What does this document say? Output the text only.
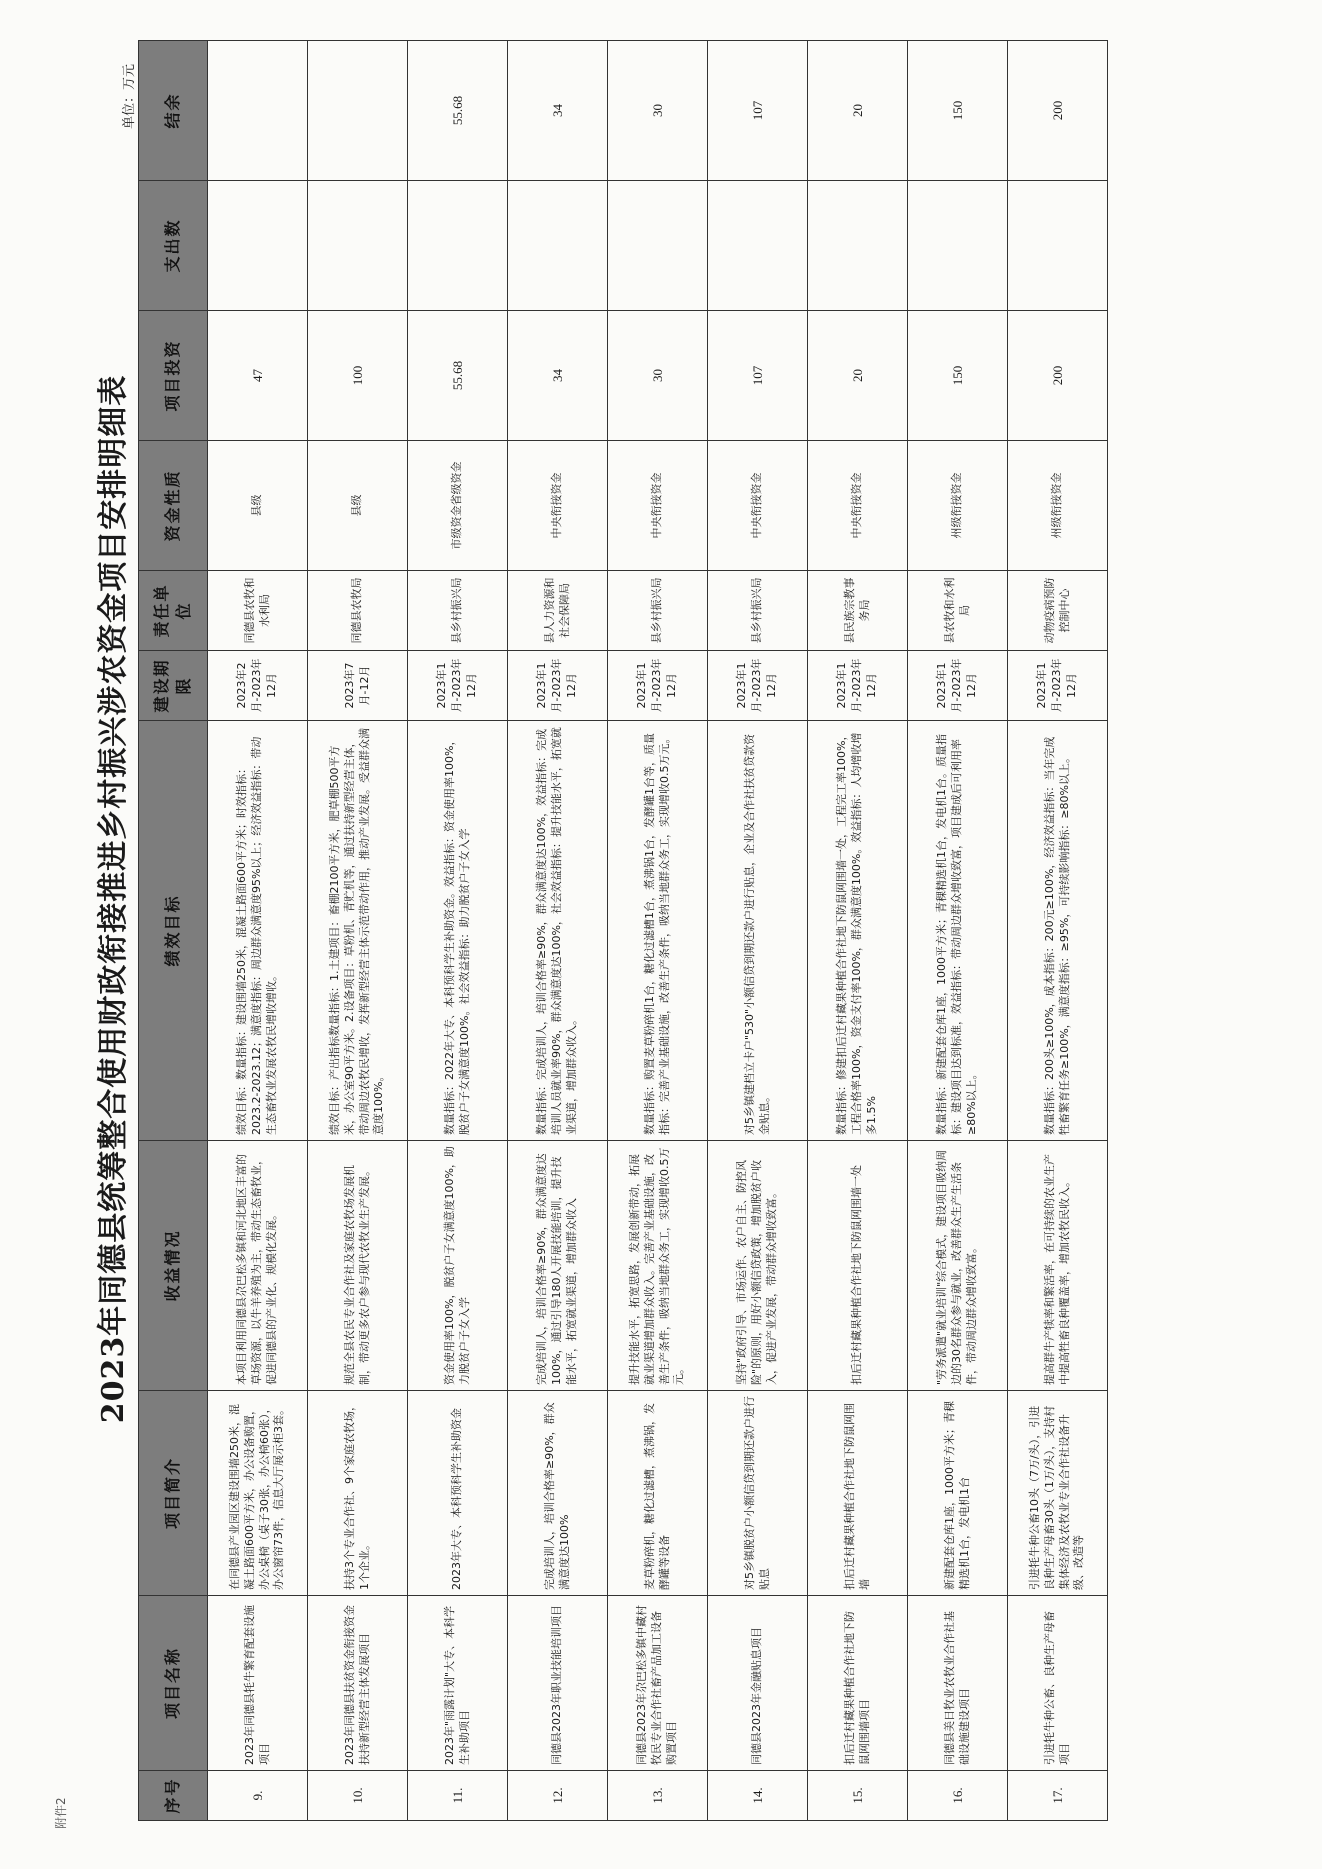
附件2
2023年同德县统筹整合使用财政衔接推进乡村振兴涉农资金项目安排明细表
单位：万元
序号	项目名称	项目简介	收益情况	绩效目标	建设期限	责任单位	资金性质	项目投资	支出数	结余
9.	2023年同德县牦牛繁育配套设施项目	在同德县产业园区建设围墙250米，混凝土路面600平方米，办公设备购置，办公桌椅（桌子30张，办公椅60张），办公窗帘73件，信息大厅展示柜3套。	本项目利用同德县尕巴松多镇和河北地区丰富的草场资源，以牛羊养殖为主，带动生态畜牧业，促进同德县的产业化、规模化发展。	绩效目标：数量指标：建设围墙250米，混凝土路面600平方米；时效指标：2023.2-2023.12；满意度指标：周边群众满意度95%以上；经济效益指标：带动生态畜牧业发展农牧民增收增收。	2023年2月-2023年12月	同德县农牧和水利局	县级	47		
10.	2023年同德县扶贫资金衔接资金扶持新型经营主体发展项目	扶持3个专业合作社、9个家庭农牧场，1个企业。	规范全县农民专业合作社及家庭农牧场发展机制，带动更多农户参与现代农牧业生产发展。	绩效目标：产出指标数量指标：1.土建项目：畜棚2100平方米，肥草棚500平方米，办公室90平方米。2.设备项目：草粉机、青贮机等，通过扶持新型经营主体，带动周边农牧民增收，发挥新型经营主体示范带动作用，推动产业发展。受益群众满意度100%。	2023年7月-12月	同德县农牧局	县级	100		
11.	2023年"雨露计划"大专、本科学生补助项目	2023年大专、本科预科学生补助资金	资金使用率100%，脱贫户子女满意度100%，助力脱贫户子女入学	数量指标：2022年大专、本科预科学生补助资金。效益指标：资金使用率100%，脱贫户子女满意度100%。社会效益指标：助力脱贫户子女入学	2023年1月-2023年12月	县乡村振兴局	市级资金省级资金	55.68		55.68
12.	同德县2023年职业技能培训项目	完成培训人，培训合格率≥90%，群众满意度达100%	完成培训人，培训合格率≥90%，群众满意度达100%，通过引导180人开展技能培训，提升技能水平，拓宽就业渠道，增加群众收入	数量指标：完成培训人，培训合格率≥90%，群众满意度达100%，效益指标：完成培训人员就业率90%，群众满意度达100%，社会效益指标：提升技能水平，拓宽就业渠道，增加群众收入。	2023年1月-2023年12月	县人力资源和社会保障局	中央衔接资金	34		34
13.	同德县2023年尕巴松多镇中藏村牧民专业合作社畜产品加工设备购置项目	麦草粉碎机，糖化过滤槽，煮沸锅，发酵罐等设备	提升技能水平，拓宽思路，发展创新带动，拓展就业渠道增加群众收入。完善产业基础设施，改善生产条件，吸纳当地群众务工，实现增收0.5万元。	数量指标：购置麦草粉碎机1台，糖化过滤槽1台，煮沸锅1台，发酵罐1台等，质量指标：完善产业基础设施，改善生产条件，吸纳当地群众务工，实现增收0.5万元。	2023年1月-2023年12月	县乡村振兴局	中央衔接资金	30		30
14.	同德县2023年金融贴息项目	对5乡镇脱贫户小额信贷到期还款户进行贴息	坚持"政府引导、市场运作、农户自主、防控风险"的原则，用好小额信贷政策，增加脱贫户收入，促进产业发展，带动群众增收致富。	对5乡镇建档立卡户"530"小额信贷到期还款户进行贴息，企业及合作社扶贫贷款资金贴息。	2023年1月-2023年12月	县乡村振兴局	中央衔接资金	107		107
15.	扣后迁村藏果种植合作社地下防鼠网围墙项目	扣后迁村藏果种植合作社地下防鼠网围墙	扣后迁村藏果种植合作社地下防鼠网围墙一处	数量指标：修建扣后迁村藏果种植合作社地下防鼠网围墙一处，工程完工率100%，工程合格率100%，资金支付率100%，群众满意度100%。效益指标：人均增收增多1.5%	2023年1月-2023年12月	县民族宗教事务局	中央衔接资金	20		20
16.	同德县美日牧业农牧业合作社基础设施建设项目	新建配套仓库1座，1000平方米；青稞精选机1台，发电机1台	"劳务派遣"就业培训"综合模式，建设项目吸纳周边的30名群众参与就业，改善群众生产生活条件，带动周边群众增收致富。	数量指标：新建配套仓库1座，1000平方米；青稞精选机1台，发电机1台。质量指标：建设项目达到标准，效益指标：带动周边群众增收致富，项目建成后可利用率≥80%以上。	2023年1月-2023年12月	县农牧和水利局	州级衔接资金	150		150
17.	引进牦牛种公畜、良种生产母畜项目	引进牦牛种公畜10头（7万/头），引进良种生产母畜30头（1万/头），支持村集体经济及农牧业专业合作社设备升级、改造等	提高群牛产犊率和繁活率，在可持续的农业生产中提高牲畜良种覆盖率，增加农牧民收入。	数量指标：200头≥100%，成本指标：200元≥100%，经济效益指标：当年完成牲畜繁育任务≥100%，满意度指标：≥95%，可持续影响指标：≥80%以上。	2023年1月-2023年12月	动物疫病预防控制中心	州级衔接资金	200		200
